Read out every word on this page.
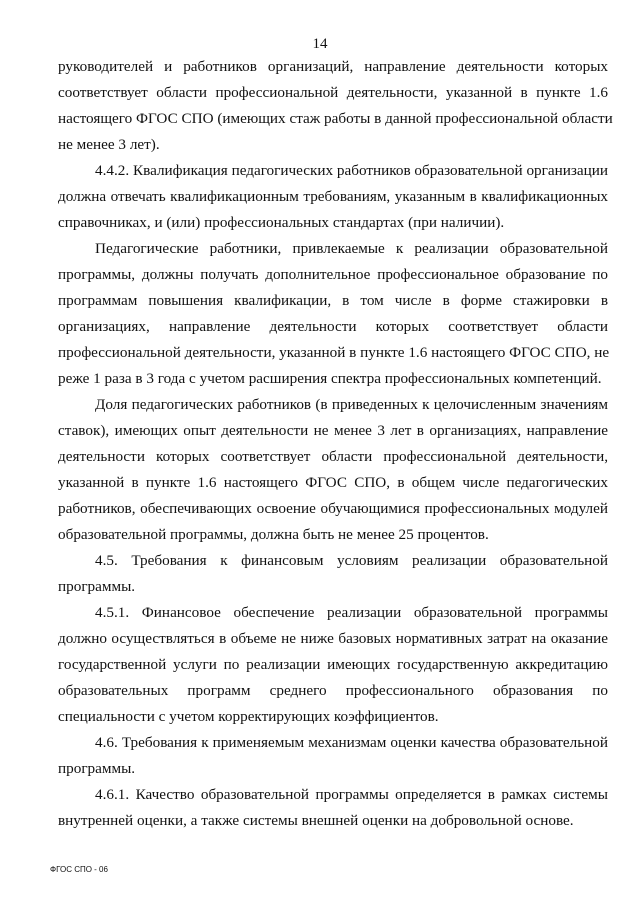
14
руководителей и работников организаций, направление деятельности которых
соответствует области профессиональной деятельности, указанной в пункте 1.6
настоящего ФГОС СПО (имеющих стаж работы в данной профессиональной области
не менее 3 лет).
4.4.2. Квалификация педагогических работников образовательной организации
должна отвечать квалификационным требованиям, указанным в квалификационных
справочниках, и (или) профессиональных стандартах (при наличии).
Педагогические работники, привлекаемые к реализации образовательной
программы, должны получать дополнительное профессиональное образование по
программам повышения квалификации, в том числе в форме стажировки в
организациях, направление деятельности которых соответствует области
профессиональной деятельности, указанной в пункте 1.6 настоящего ФГОС СПО, не
реже 1 раза в 3 года с учетом расширения спектра профессиональных компетенций.
Доля педагогических работников (в приведенных к целочисленным значениям
ставок), имеющих опыт деятельности не менее 3 лет в организациях, направление
деятельности которых соответствует области профессиональной деятельности,
указанной в пункте 1.6 настоящего ФГОС СПО, в общем числе педагогических
работников, обеспечивающих освоение обучающимися профессиональных модулей
образовательной программы, должна быть не менее 25 процентов.
4.5. Требования к финансовым условиям реализации образовательной
программы.
4.5.1. Финансовое обеспечение реализации образовательной программы
должно осуществляться в объеме не ниже базовых нормативных затрат на оказание
государственной услуги по реализации имеющих государственную аккредитацию
образовательных программ среднего профессионального образования по
специальности с учетом корректирующих коэффициентов.
4.6. Требования к применяемым механизмам оценки качества образовательной
программы.
4.6.1. Качество образовательной программы определяется в рамках системы
внутренней оценки, а также системы внешней оценки на добровольной основе.
ФГОС СПО - 06
